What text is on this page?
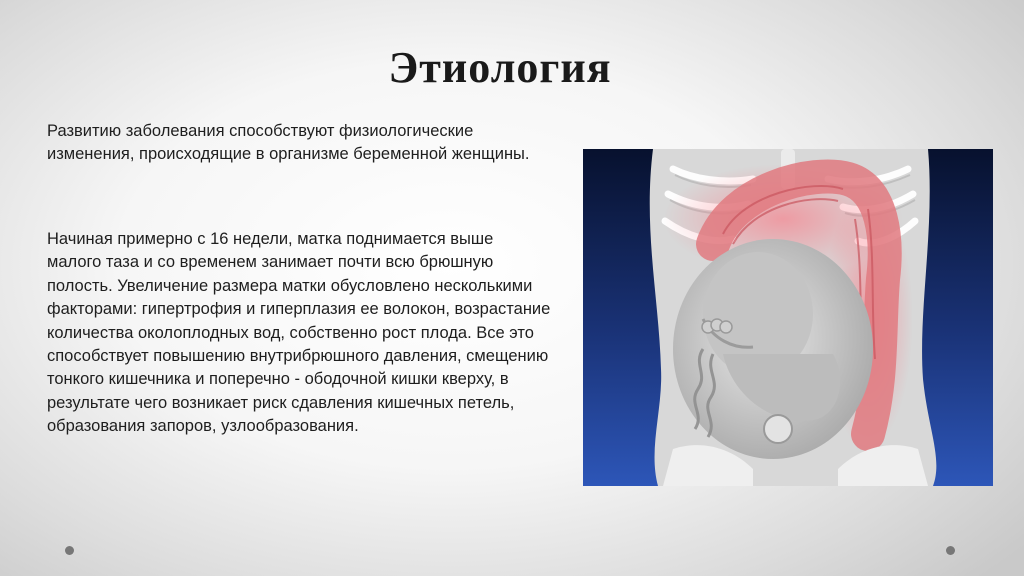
Этиология

Развитию заболевания способствуют физиологические изменения, происходящие в организме беременной женщины.

Начиная примерно с 16 недели, матка поднимается выше малого таза и со временем занимает почти всю брюшную полость. Увеличение размера матки обусловлено несколькими факторами: гипертрофия и гиперплазия ее волокон, возрастание количества околоплодных вод, собственно рост плода. Все это способствует повышению внутрибрюшного давления, смещению тонкого кишечника и поперечно - ободочной кишки кверху, в результате чего возникает риск сдавления кишечных петель, образования запоров, узлообразования.
